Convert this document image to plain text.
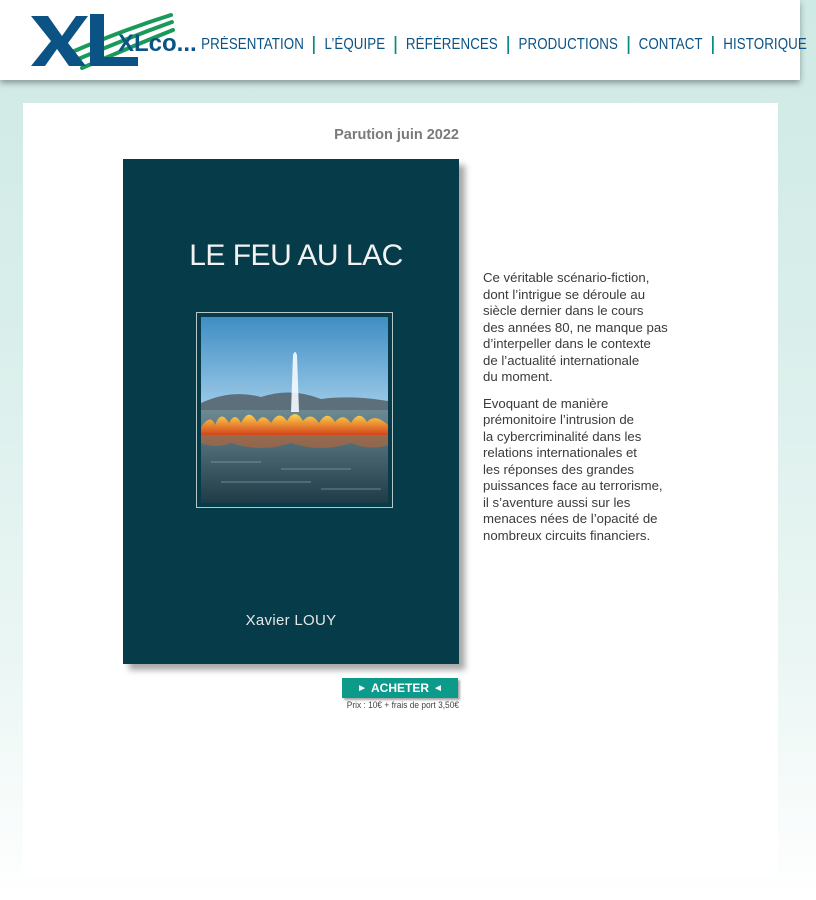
XLco... PRÉSENTATION	L’ÉQUIPE	RÉFÉRENCES	PRODUCTIONS	CONTACT	HISTORIQUE
Parution juin 2022
LE FEU AU LAC
Xavier LOUY

Ce véritable scénario-fiction,
dont l’intrigue se déroule au
siècle dernier dans le cours
des années 80, ne manque pas
d’interpeller dans le contexte
de l’actualité internationale
du moment.

Evoquant de manière
prémonitoire l’intrusion de
la cybercriminalité dans les
relations internationales et
les réponses des grandes
puissances face au terrorisme,
il s’aventure aussi sur les
menaces nées de l’opacité de
nombreux circuits financiers.

► ACHETER ◄
Prix : 10€ + frais de port 3,50€
